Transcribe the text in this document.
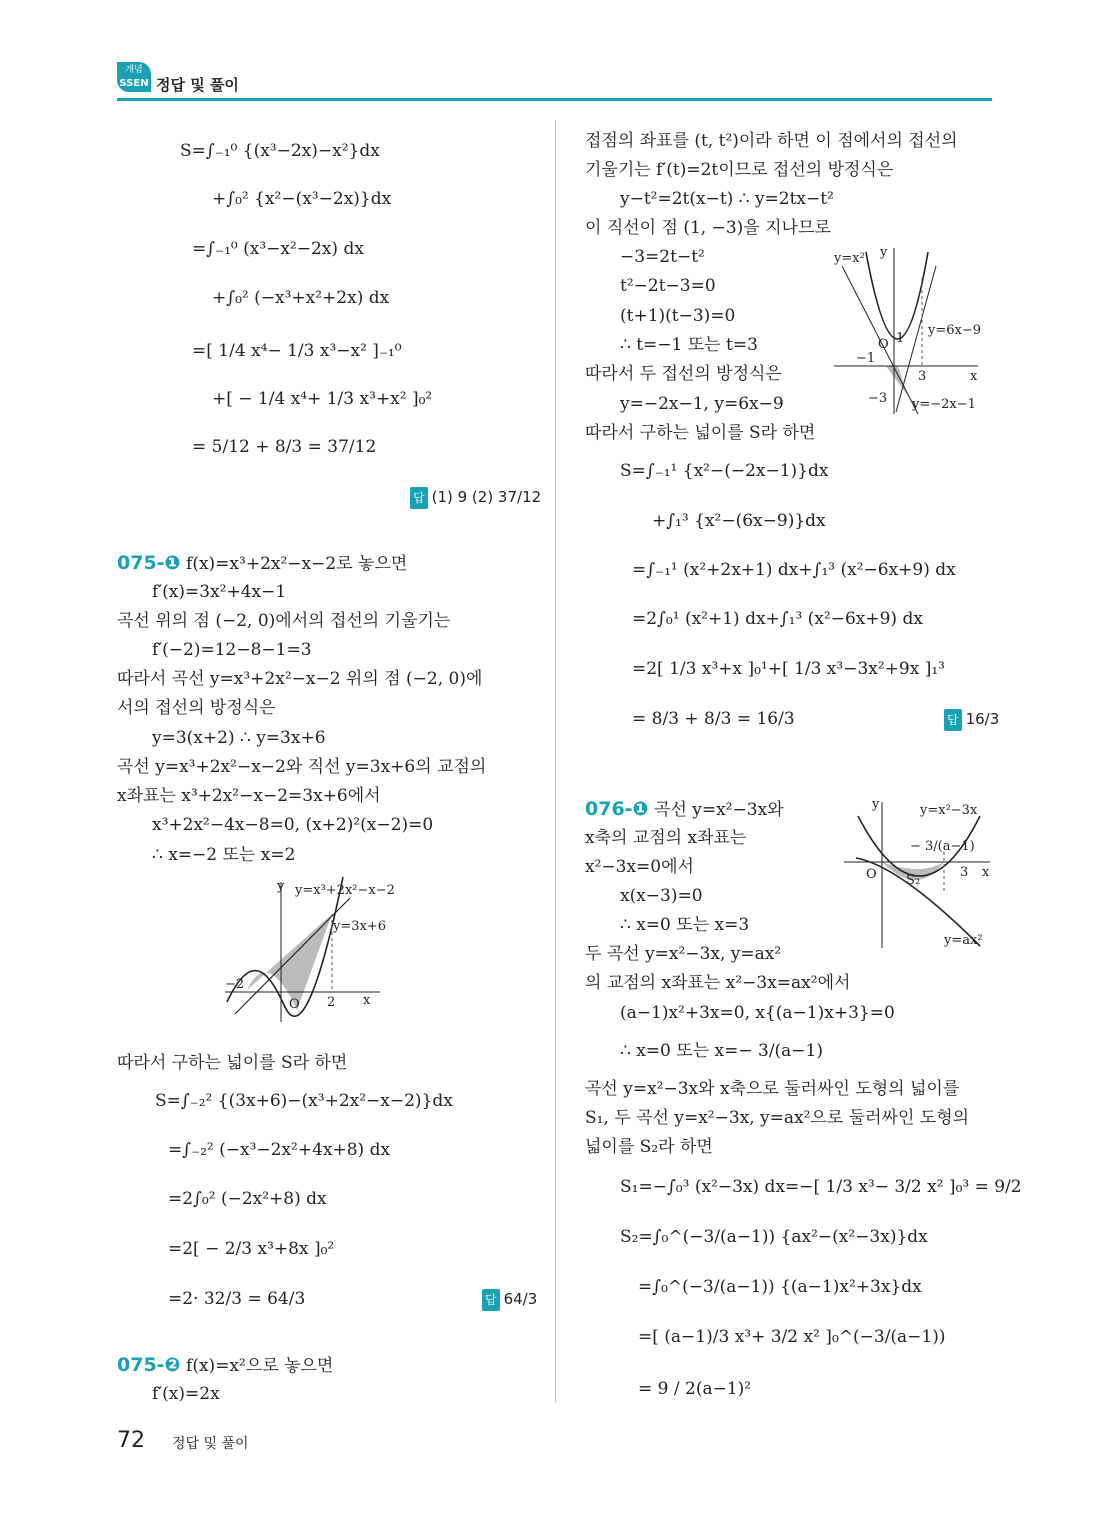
개념
SSEN 정답 및 풀이
S=∫₋₁⁰ {(x³−2x)−x²}dx
+∫₀² {x²−(x³−2x)}dx
=∫₋₁⁰ (x³−x²−2x) dx
+∫₀² (−x³+x²+2x) dx
=[ 1/4 x⁴− 1/3 x³−x² ]₋₁⁰
+[ − 1/4 x⁴+ 1/3 x³+x² ]₀²
= 5/12 + 8/3 = 37/12
답 (1) 9 (2) 37/12
075-❶ f(x)=x³+2x²−x−2로 놓으면
f′(x)=3x²+4x−1
곡선 위의 점 (−2, 0)에서의 접선의 기울기는
f′(−2)=12−8−1=3
따라서 곡선 y=x³+2x²−x−2 위의 점 (−2, 0)에
서의 접선의 방정식은
y=3(x+2) ∴ y=3x+6
곡선 y=x³+2x²−x−2와 직선 y=3x+6의 교점의
x좌표는 x³+2x²−x−2=3x+6에서
x³+2x²−4x−8=0, (x+2)²(x−2)=0
∴ x=−2 또는 x=2
y y=x³+2x²−x−2
y=3x+6
−2
O 2 x
따라서 구하는 넓이를 S라 하면
S=∫₋₂² {(3x+6)−(x³+2x²−x−2)}dx
=∫₋₂² (−x³−2x²+4x+8) dx
=2∫₀² (−2x²+8) dx
=2[ − 2/3 x³+8x ]₀²
=2· 32/3 = 64/3	답 64/3
075-❷ f(x)=x²으로 놓으면
f′(x)=2x
접점의 좌표를 (t, t²)이라 하면 이 점에서의 접선의
기울기는 f′(t)=2t이므로 접선의 방정식은
y−t²=2t(x−t) ∴ y=2tx−t²
이 직선이 점 (1, −3)을 지나므로
−3=2t−t²
t²−2t−3=0
(t+1)(t−3)=0
∴ t=−1 또는 t=3
따라서 두 접선의 방정식은
y=−2x−1, y=6x−9
따라서 구하는 넓이를 S라 하면
S=∫₋₁¹ {x²−(−2x−1)}dx
+∫₁³ {x²−(6x−9)}dx
=∫₋₁¹ (x²+2x+1) dx+∫₁³ (x²−6x+9) dx
=2∫₀¹ (x²+1) dx+∫₁³ (x²−6x+9) dx
=2[ 1/3 x³+x ]₀¹+[ 1/3 x³−3x²+9x ]₁³
= 8/3 + 8/3 = 16/3	답 16/3
y=x² y
O 1
−1
3	x
−3
y=6x−9
y=−2x−1
076-❶ 곡선 y=x²−3x와
x축의 교점의 x좌표는
x²−3x=0에서
x(x−3)=0
∴ x=0 또는 x=3
두 곡선 y=x²−3x, y=ax²
의 교점의 x좌표는 x²−3x=ax²에서
(a−1)x²+3x=0, x{(a−1)x+3}=0
∴ x=0 또는 x=− 3/(a−1)
곡선 y=x²−3x와 x축으로 둘러싸인 도형의 넓이를
S₁, 두 곡선 y=x²−3x, y=ax²으로 둘러싸인 도형의
넓이를 S₂라 하면
S₁=−∫₀³ (x²−3x) dx=−[ 1/3 x³− 3/2 x² ]₀³ = 9/2
S₂=∫₀^(−3/(a−1)) {ax²−(x²−3x)}dx
=∫₀^(−3/(a−1)) {(a−1)x²+3x}dx
=[ (a−1)/3 x³+ 3/2 x² ]₀^(−3/(a−1))
= 9 / 2(a−1)²
y	y=x²−3x
− 3/(a−1)
O S₂
3 x
y=ax²
72 정답 및 풀이
